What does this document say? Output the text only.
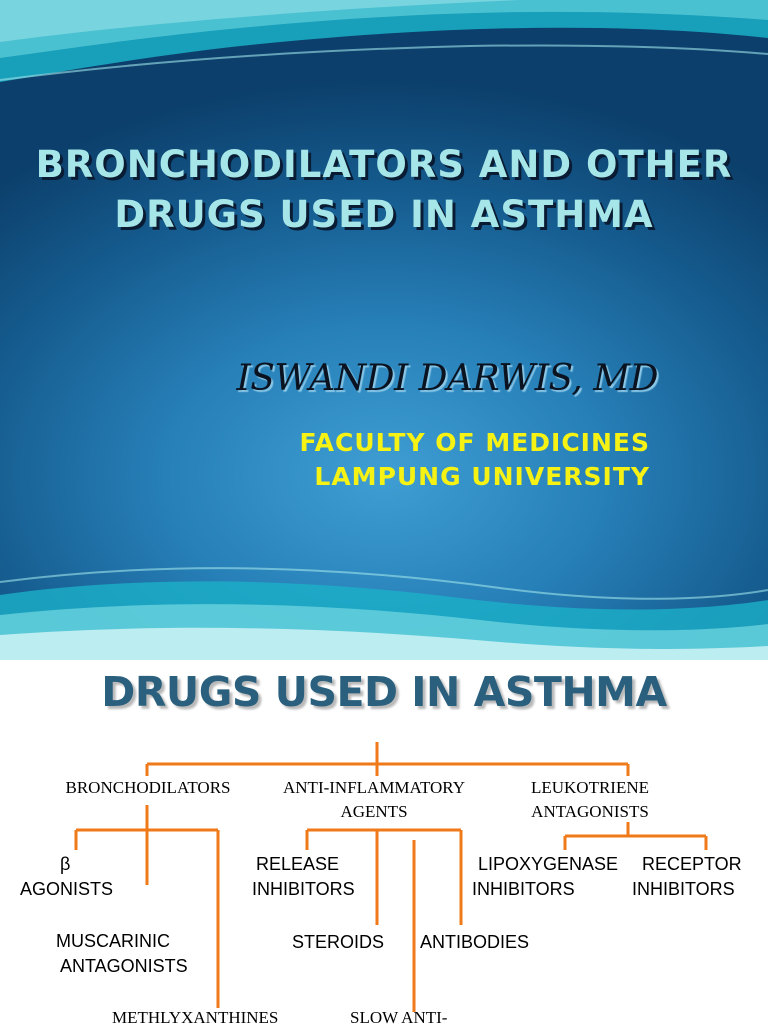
BRONCHODILATORS AND OTHER
DRUGS USED IN ASTHMA
ISWANDI DARWIS, MD
FACULTY OF MEDICINES
LAMPUNG UNIVERSITY
DRUGS USED IN ASTHMA
BRONCHODILATORS	ANTI-INFLAMMATORY
AGENTS
LEUKOTRIENE
ANTAGONISTS
β
AGONISTS
MUSCARINIC
ANTAGONISTS
METHLYXANTHINES
RELEASE
INHIBITORS
STEROIDS	ANTIBODIES
SLOW ANTI-
LIPOXYGENASE
INHIBITORS
RECEPTOR
INHIBITORS
